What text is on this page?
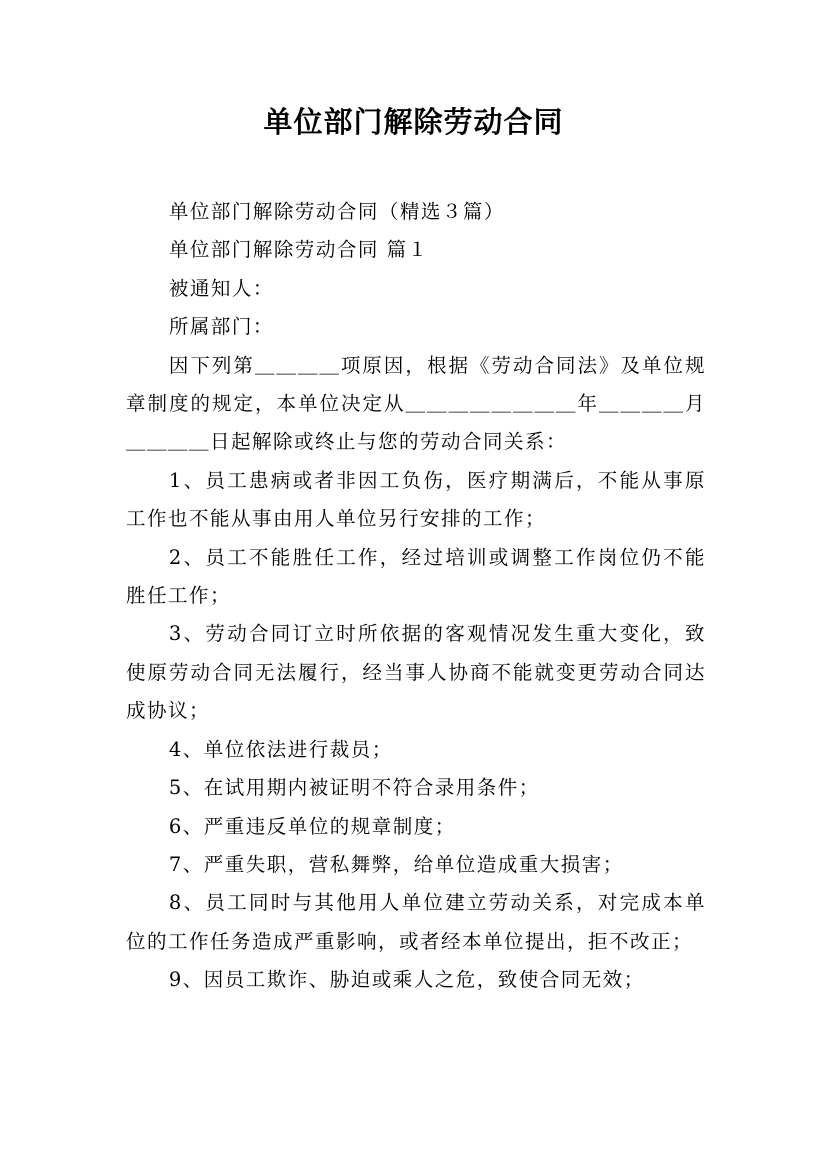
单位部门解除劳动合同

单位部门解除劳动合同（精选３篇）

单位部门解除劳动合同 篇１

被通知人：

所属部门：

因下列第＿＿＿＿项原因，根据《劳动合同法》及单位规章制度的规定，本单位决定从＿＿＿＿＿＿＿＿年＿＿＿＿月＿＿＿＿日起解除或终止与您的劳动合同关系：

1、员工患病或者非因工负伤，医疗期满后，不能从事原工作也不能从事由用人单位另行安排的工作；

2、员工不能胜任工作，经过培训或调整工作岗位仍不能胜任工作；

3、劳动合同订立时所依据的客观情况发生重大变化，致使原劳动合同无法履行，经当事人协商不能就变更劳动合同达成协议；

4、单位依法进行裁员；

5、在试用期内被证明不符合录用条件；

6、严重违反单位的规章制度；

7、严重失职，营私舞弊，给单位造成重大损害；

8、员工同时与其他用人单位建立劳动关系，对完成本单位的工作任务造成严重影响，或者经本单位提出，拒不改正；

9、因员工欺诈、胁迫或乘人之危，致使合同无效；
